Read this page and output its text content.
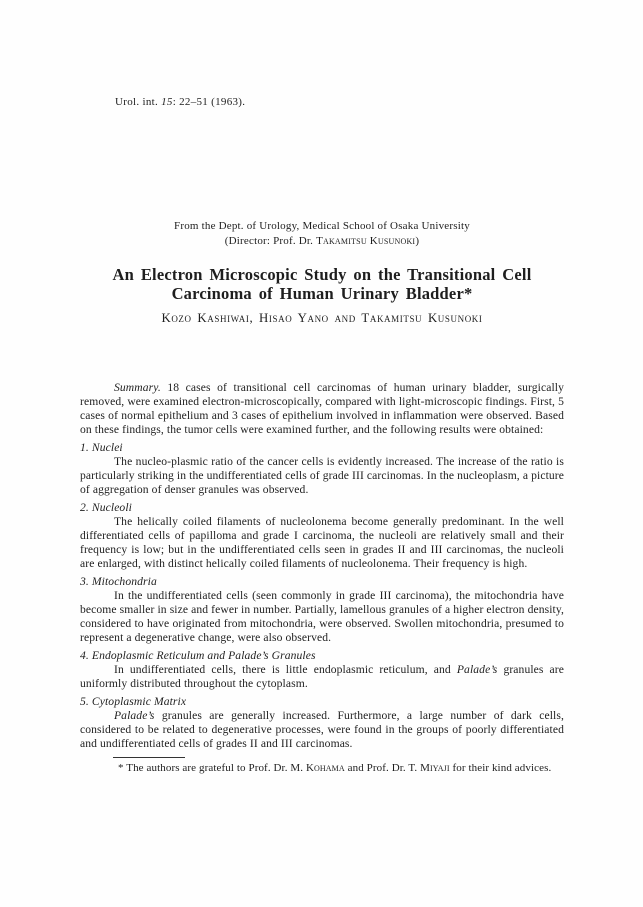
Urol. int. 15: 22–51 (1963).
From the Dept. of Urology, Medical School of Osaka University
(Director: Prof. Dr. Takamitsu Kusunoki)
An Electron Microscopic Study on the Transitional Cell
Carcinoma of Human Urinary Bladder*
Kozo Kashiwai, Hisao Yano and Takamitsu Kusunoki

Summary. 18 cases of transitional cell carcinomas of human urinary bladder, surgically removed, were examined electron-microscopically, compared with light-microscopic findings. First, 5 cases of normal epithelium and 3 cases of epithelium involved in inflammation were observed. Based on these findings, the tumor cells were examined further, and the following results were obtained:

1. Nuclei

The nucleo-plasmic ratio of the cancer cells is evidently increased. The increase of the ratio is particularly striking in the undifferentiated cells of grade III carcinomas. In the nucleoplasm, a picture of aggregation of denser granules was observed.

2. Nucleoli

The helically coiled filaments of nucleolonema become generally predominant. In the well differentiated cells of papilloma and grade I carcinoma, the nucleoli are relatively small and their frequency is low; but in the undifferentiated cells seen in grades II and III carcinomas, the nucleoli are enlarged, with distinct helically coiled filaments of nucleolonema. Their frequency is high.

3. Mitochondria

In the undifferentiated cells (seen commonly in grade III carcinoma), the mitochondria have become smaller in size and fewer in number. Partially, lamellous granules of a higher electron density, considered to have originated from mitochondria, were observed. Swollen mitochondria, presumed to represent a degenerative change, were also observed.

4. Endoplasmic Reticulum and Palade’s Granules

In undifferentiated cells, there is little endoplasmic reticulum, and Palade’s granules are uniformly distributed throughout the cytoplasm.

5. Cytoplasmic Matrix

Palade’s granules are generally increased. Furthermore, a large number of dark cells, considered to be related to degenerative processes, were found in the groups of poorly differentiated and undifferentiated cells of grades II and III carcinomas.

* The authors are grateful to Prof. Dr. M. Kohama and Prof. Dr. T. Miyaji for their kind advices.
